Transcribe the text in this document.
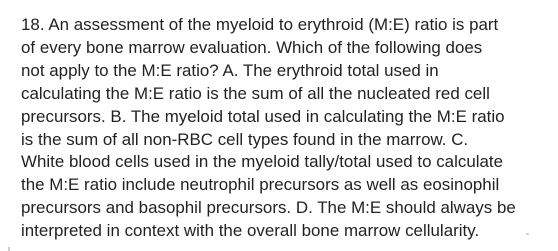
18. An assessment of the myeloid to erythroid (M:E) ratio is part
of every bone marrow evaluation. Which of the following does
not apply to the M:E ratio? A. The erythroid total used in
calculating the M:E ratio is the sum of all the nucleated red cell
precursors. B. The myeloid total used in calculating the M:E ratio
is the sum of all non-RBC cell types found in the marrow. C.
White blood cells used in the myeloid tally/total used to calculate
the M:E ratio include neutrophil precursors as well as eosinophil
precursors and basophil precursors. D. The M:E should always be
interpreted in context with the overall bone marrow cellularity.
